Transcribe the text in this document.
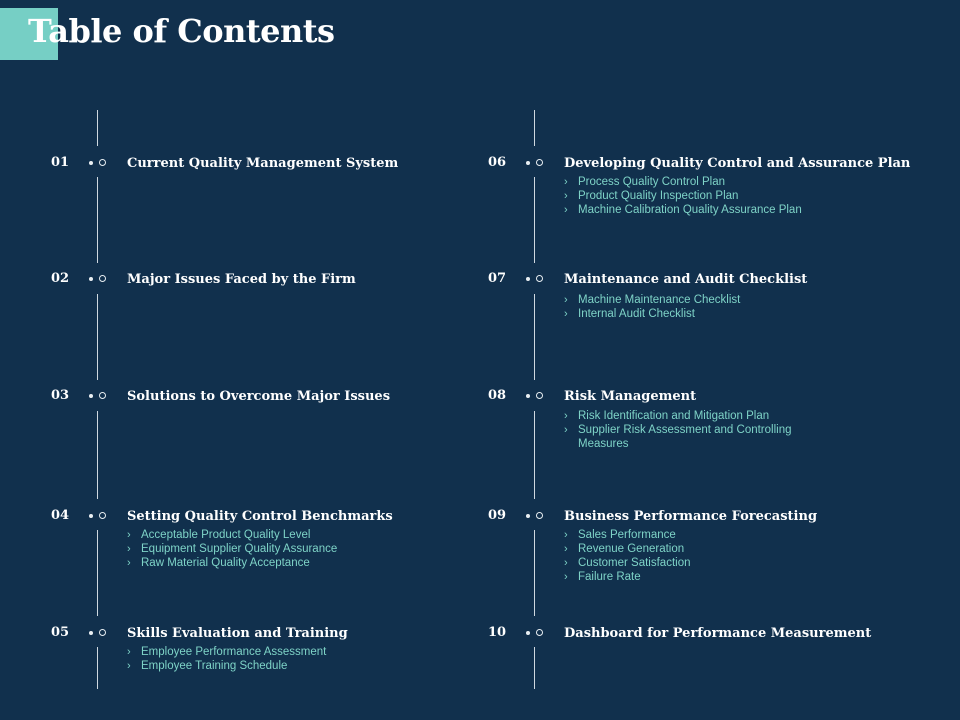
Table of Contents
01	Current Quality Management System
02	Major Issues Faced by the Firm
03	Solutions to Overcome Major Issues
04	Setting Quality Control Benchmarks
› Acceptable Product Quality Level
› Equipment Supplier Quality Assurance
› Raw Material Quality Acceptance
05	Skills Evaluation and Training
› Employee Performance Assessment
› Employee Training Schedule
06	Developing Quality Control and Assurance Plan
› Process Quality Control Plan
› Product Quality Inspection Plan
› Machine Calibration Quality Assurance Plan
07	Maintenance and Audit Checklist
› Machine Maintenance Checklist
› Internal Audit Checklist
08	Risk Management
› Risk Identification and Mitigation Plan
› Supplier Risk Assessment and Controlling Measures
09	Business Performance Forecasting
› Sales Performance
› Revenue Generation
› Customer Satisfaction
› Failure Rate
10	Dashboard for Performance Measurement
